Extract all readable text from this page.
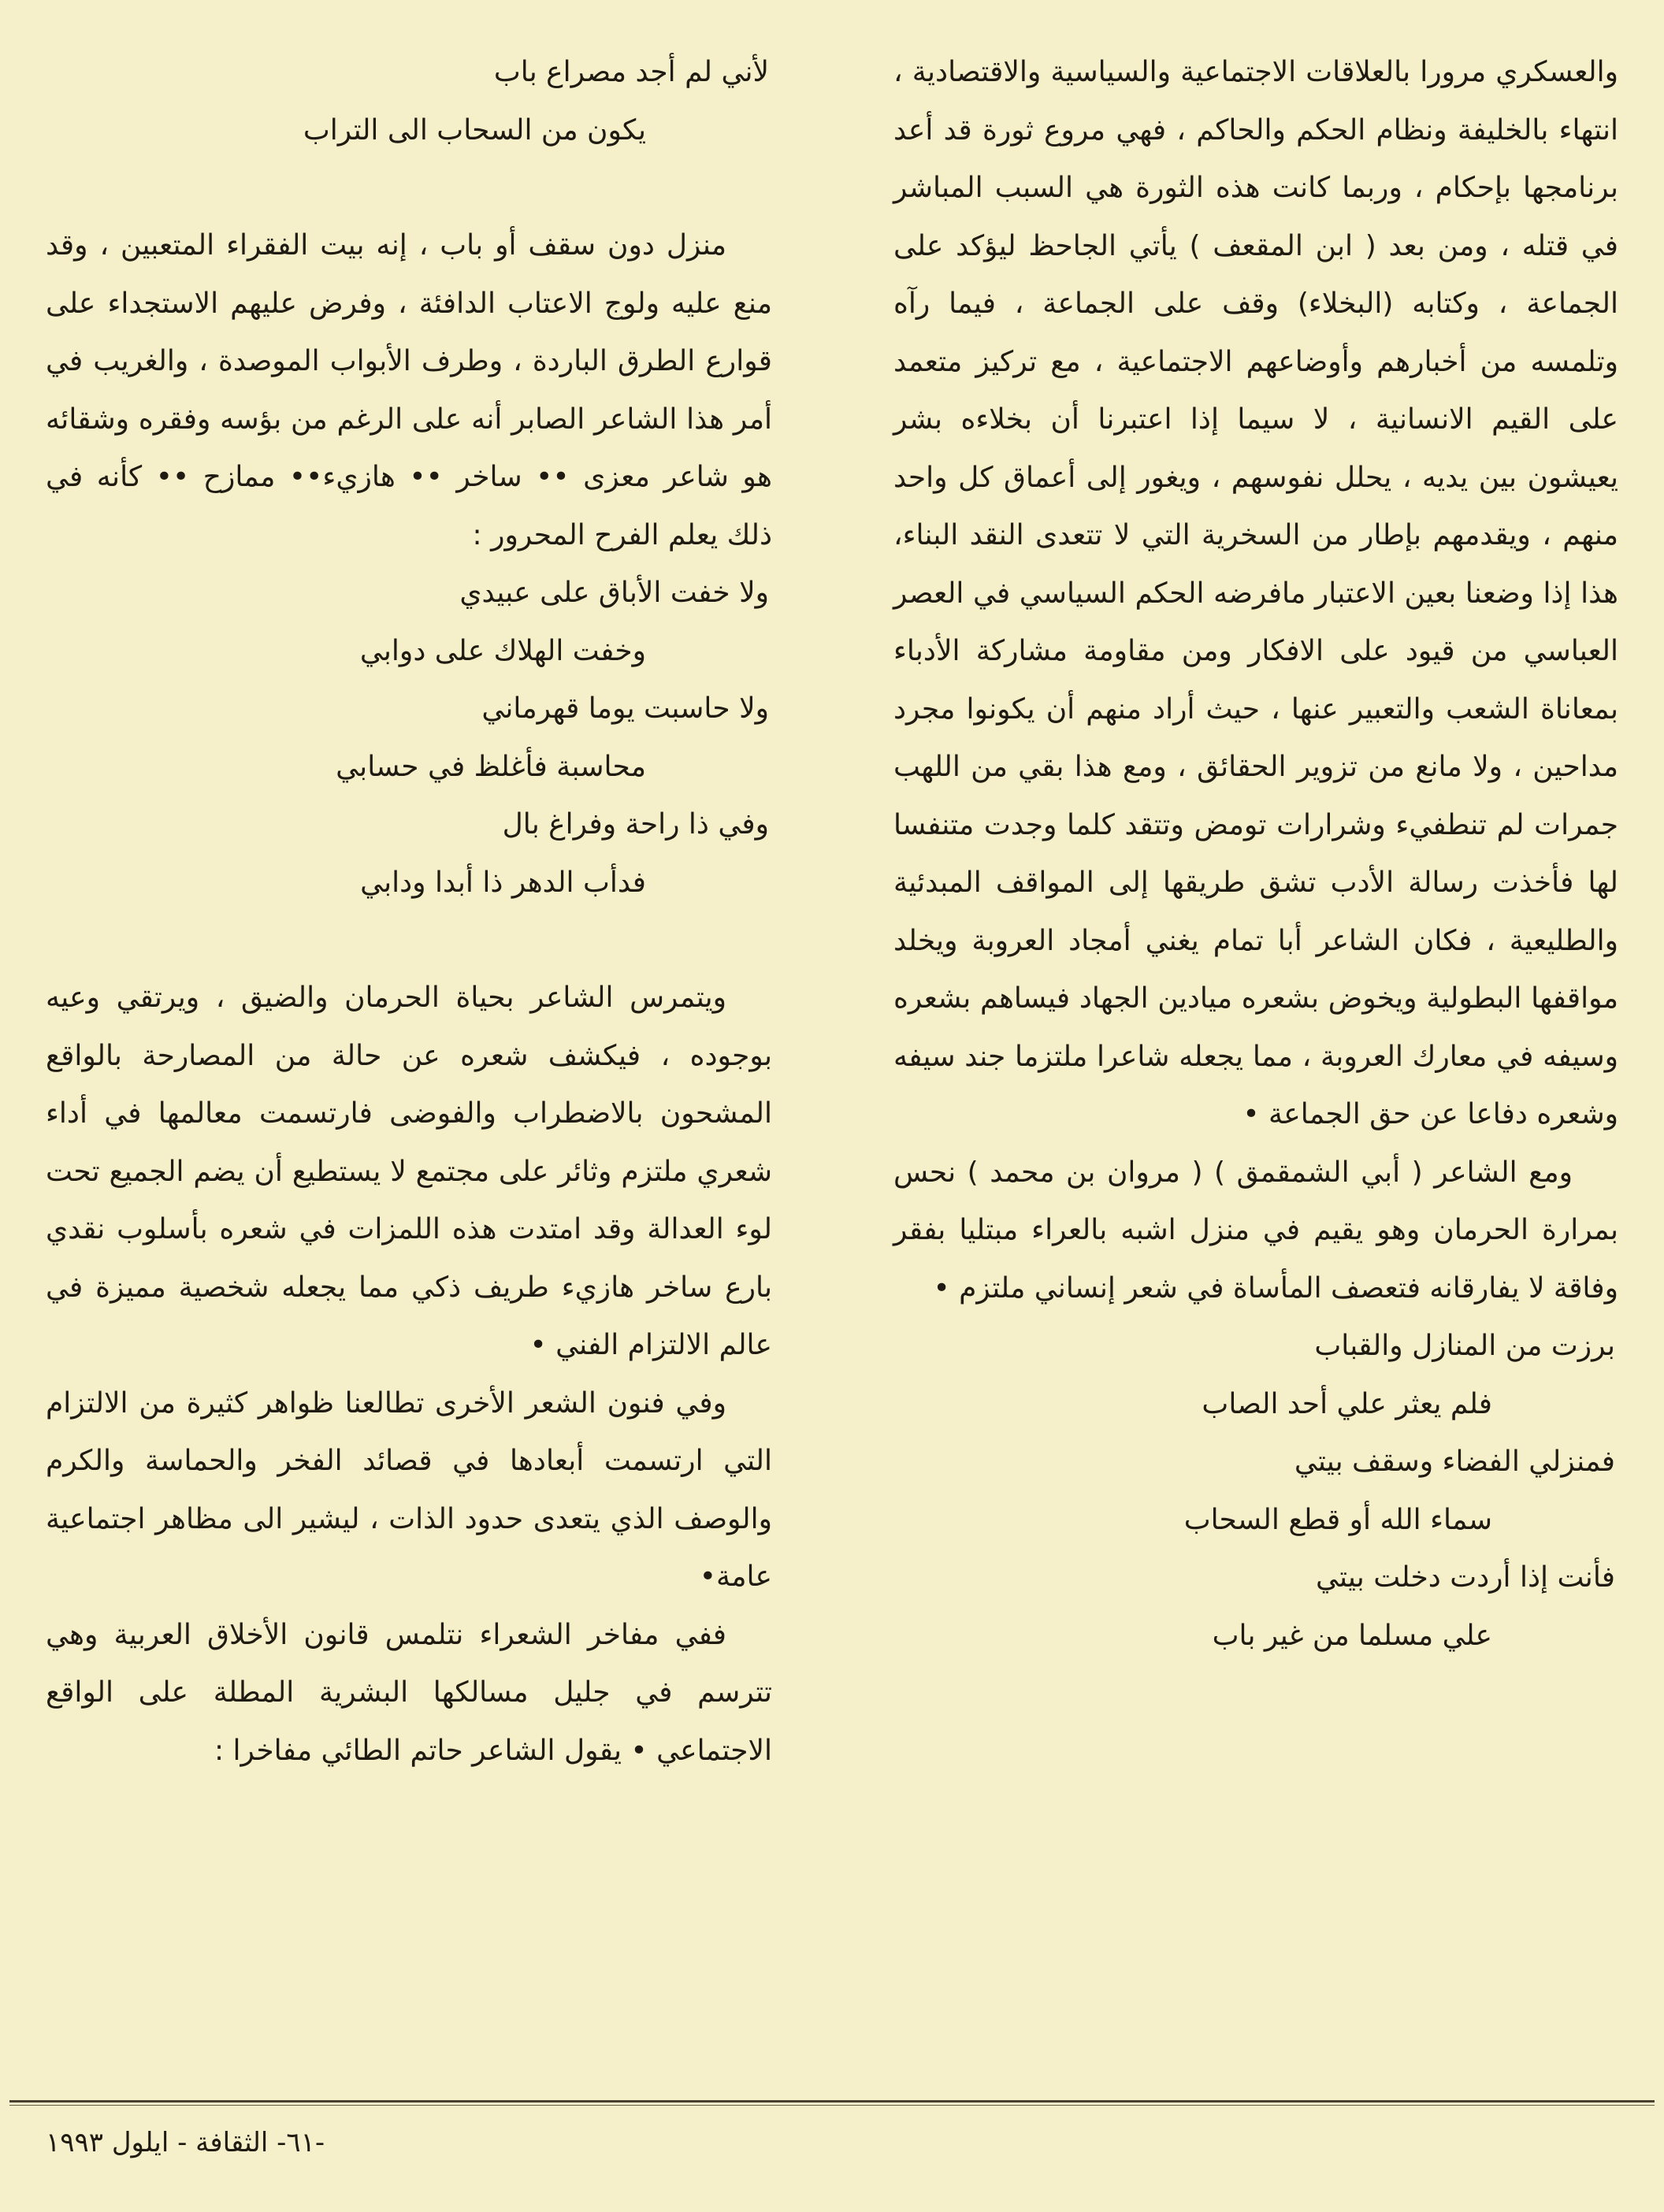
والعسكري مرورا بالعلاقات الاجتماعية والسياسية والاقتصادية ، انتهاء بالخليفة ونظام الحكم والحاكم ، فهي مروع ثورة قد أعد برنامجها بإحكام ، وربما كانت هذه الثورة هي السبب المباشر في قتله ، ومن بعد ( ابن المقعف ) يأتي الجاحظ ليؤكد على الجماعة ، وكتابه (البخلاء) وقف على الجماعة ، فيما رآه وتلمسه من أخبارهم وأوضاعهم الاجتماعية ، مع تركيز متعمد على القيم الانسانية ، لا سيما إذا اعتبرنا أن بخلاءه بشر يعيشون بين يديه ، يحلل نفوسهم ، ويغور إلى أعماق كل واحد منهم ، ويقدمهم بإطار من السخرية التي لا تتعدى النقد البناء، هذا إذا وضعنا بعين الاعتبار مافرضه الحكم السياسي في العصر العباسي من قيود على الافكار ومن مقاومة مشاركة الأدباء بمعاناة الشعب والتعبير عنها ، حيث أراد منهم أن يكونوا مجرد مداحين ، ولا مانع من تزوير الحقائق ، ومع هذا بقي من اللهب جمرات لم تنطفيء وشرارات تومض وتتقد كلما وجدت متنفسا لها فأخذت رسالة الأدب تشق طريقها إلى المواقف المبدئية والطليعية ، فكان الشاعر أبا تمام يغني أمجاد العروبة ويخلد مواقفها البطولية ويخوض بشعره ميادين الجهاد فيساهم بشعره وسيفه في معارك العروبة ، مما يجعله شاعرا ملتزما جند سيفه وشعره دفاعا عن حق الجماعة •

ومع الشاعر ( أبي الشمقمق ) ( مروان بن محمد ) نحس بمرارة الحرمان وهو يقيم في منزل اشبه بالعراء مبتليا بفقر وفاقة لا يفارقانه فتعصف المأساة في شعر إنساني ملتزم •

برزت من المنازل والقباب

فلم يعثر علي أحد الصاب

فمنزلي الفضاء وسقف بيتي

سماء الله أو قطع السحاب

فأنت إذا أردت دخلت بيتي

علي مسلما من غير باب

لأني لم أجد مصراع باب

يكون من السحاب الى التراب

منزل دون سقف أو باب ، إنه بيت الفقراء المتعبين ، وقد منع عليه ولوج الاعتاب الدافئة ، وفرض عليهم الاستجداء على قوارع الطرق الباردة ، وطرف الأبواب الموصدة ، والغريب في أمر هذا الشاعر الصابر أنه على الرغم من بؤسه وفقره وشقائه هو شاعر معزى •• ساخر •• هازيء•• ممازح •• كأنه في ذلك يعلم الفرح المحرور :

ولا خفت الأباق على عبيدي

وخفت الهلاك على دوابي

ولا حاسبت يوما قهرماني

محاسبة فأغلظ في حسابي

وفي ذا راحة وفراغ بال

فدأب الدهر ذا أبدا ودابي

ويتمرس الشاعر بحياة الحرمان والضيق ، ويرتقي وعيه بوجوده ، فيكشف شعره عن حالة من المصارحة بالواقع المشحون بالاضطراب والفوضى فارتسمت معالمها في أداء شعري ملتزم وثائر على مجتمع لا يستطيع أن يضم الجميع تحت لوء العدالة وقد امتدت هذه اللمزات في شعره بأسلوب نقدي بارع ساخر هازيء طريف ذكي مما يجعله شخصية مميزة في عالم الالتزام الفني •

وفي فنون الشعر الأخرى تطالعنا ظواهر كثيرة من الالتزام التي ارتسمت أبعادها في قصائد الفخر والحماسة والكرم والوصف الذي يتعدى حدود الذات ، ليشير الى مظاهر اجتماعية عامة•

ففي مفاخر الشعراء نتلمس قانون الأخلاق العربية وهي تترسم في جليل مسالكها البشرية المطلة على الواقع الاجتماعي • يقول الشاعر حاتم الطائي مفاخرا :

-٦١- الثقافة - ايلول ١٩٩٣
